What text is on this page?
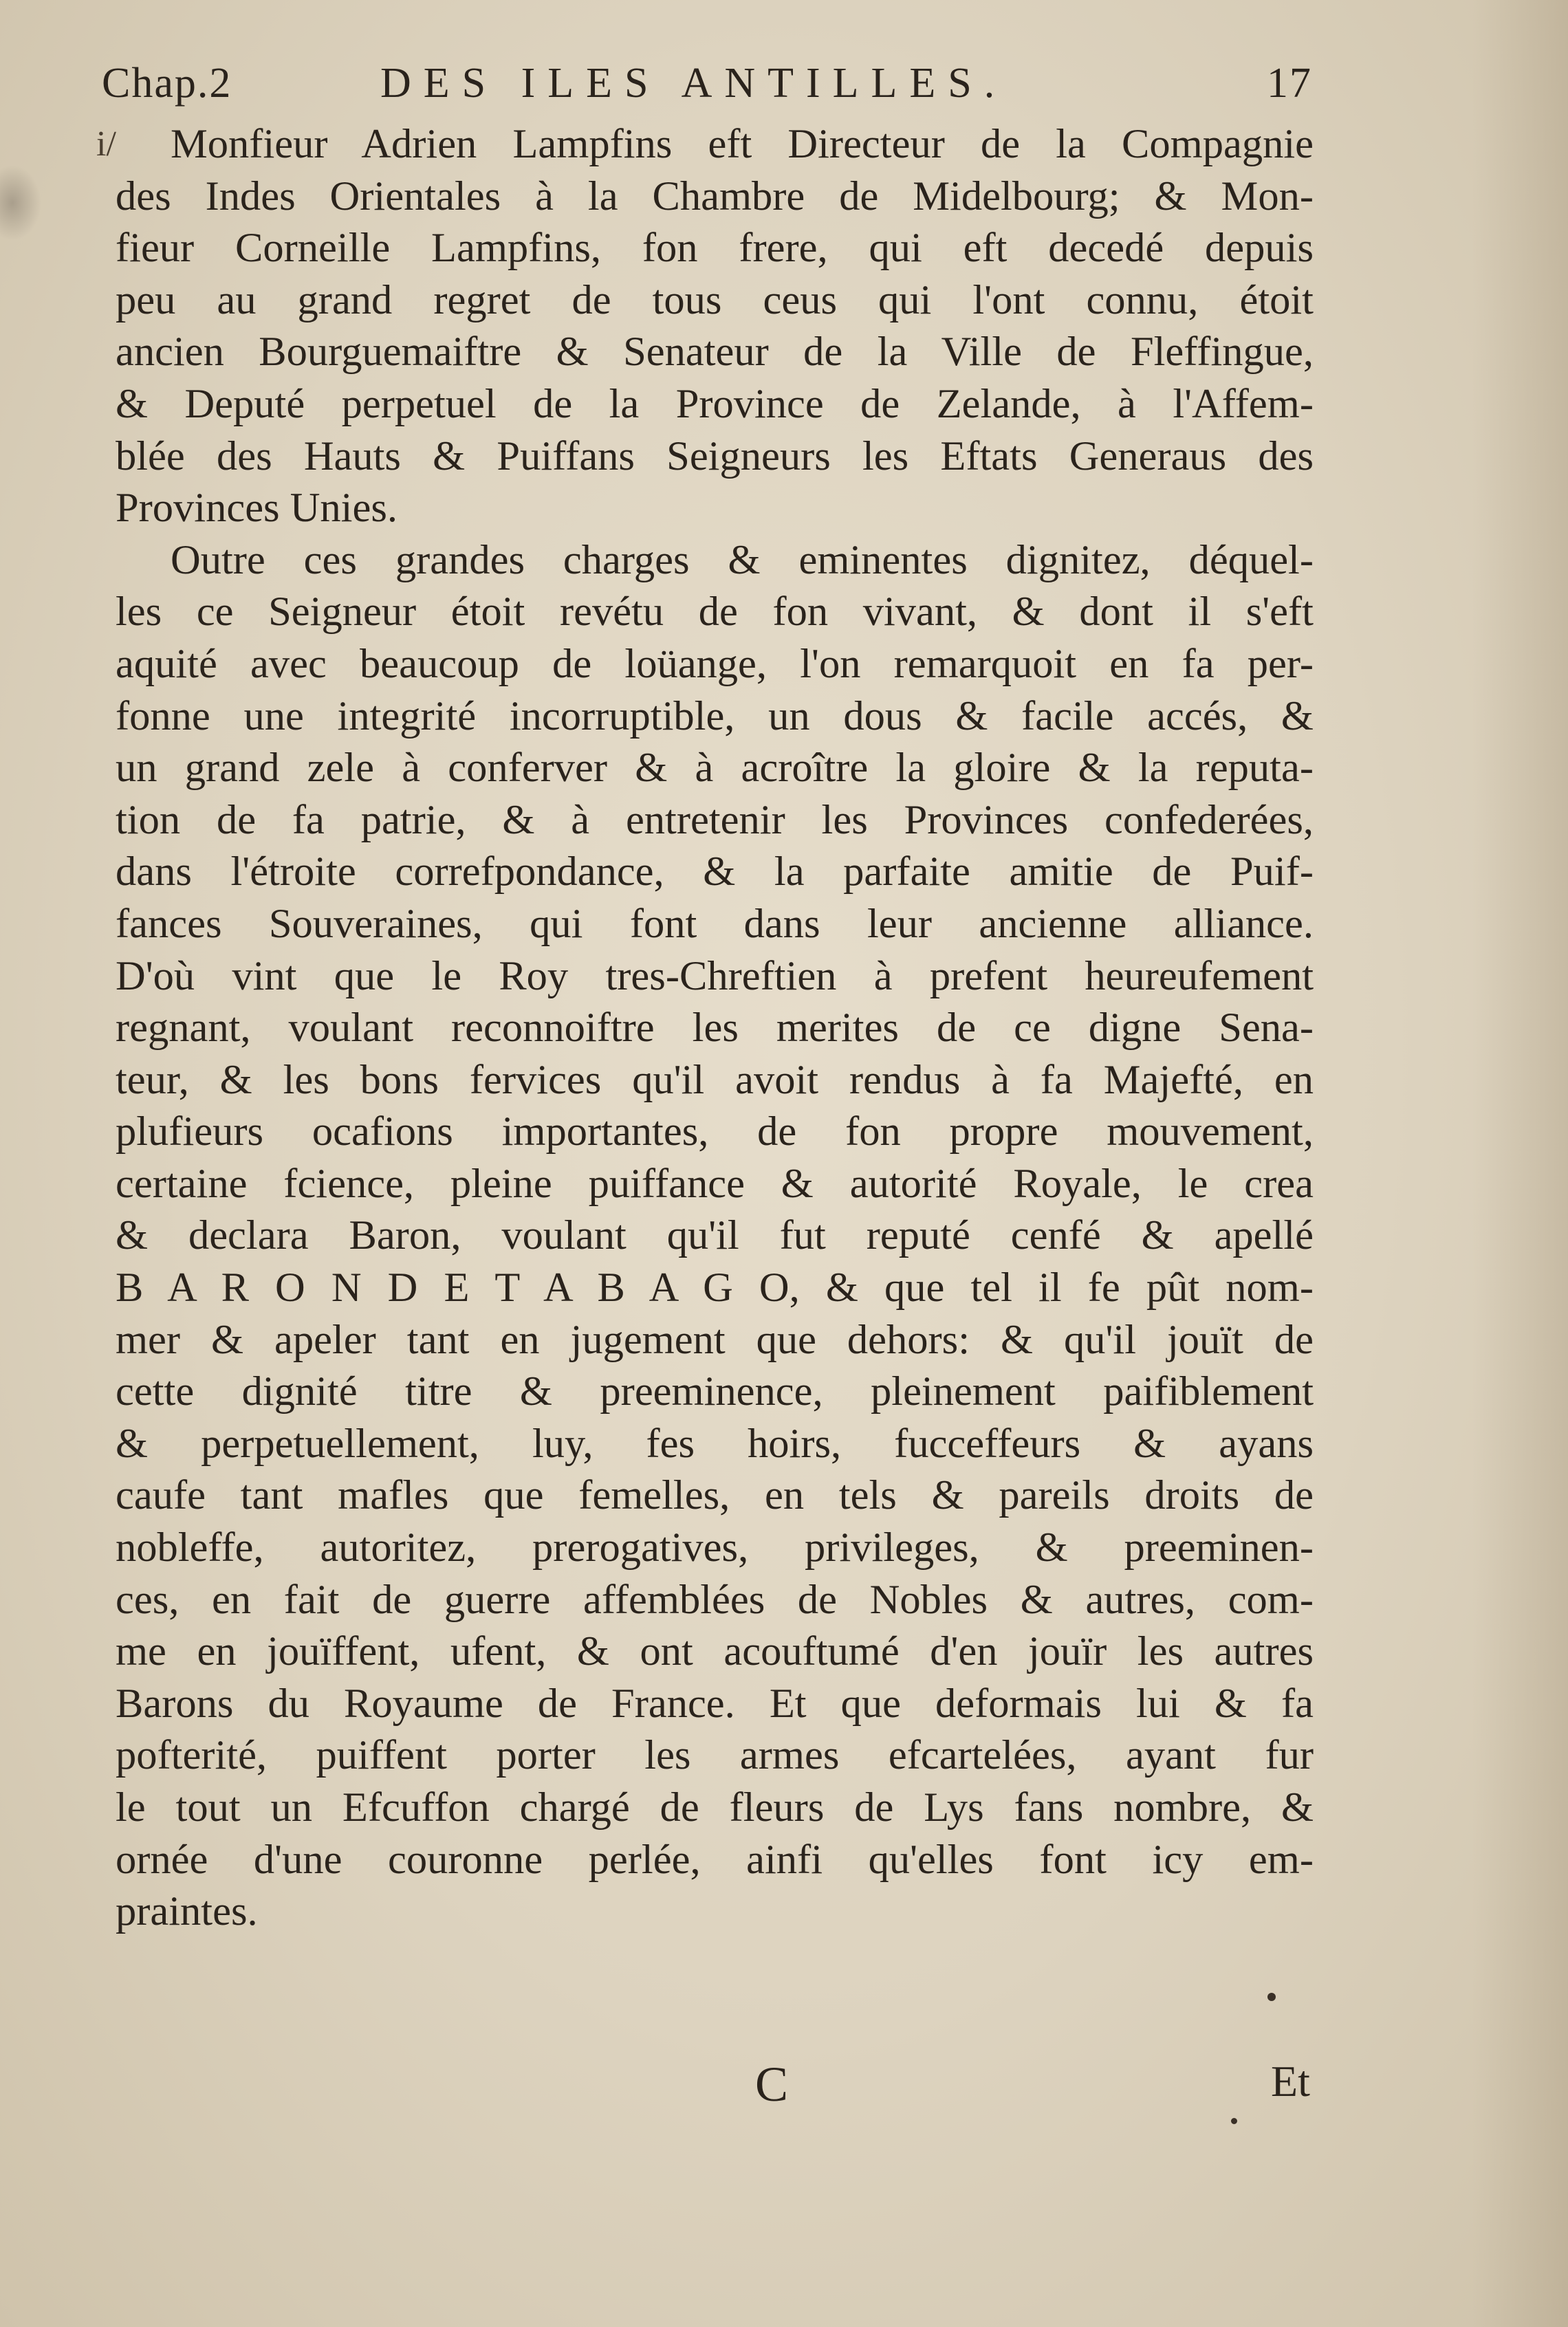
Chap.2	DES ILES ANTILLES.	17
i/	Monfieur Adrien Lampfins eft Directeur de la Compagnie
des Indes Orientales à la Chambre de Midelbourg; & Mon-
fieur Corneille Lampfins, fon frere, qui eft decedé depuis
peu au grand regret de tous ceus qui l'ont connu, étoit
ancien Bourguemaiftre & Senateur de la Ville de Fleffingue,
& Deputé perpetuel de la Province de Zelande, à l'Affem-
blée des Hauts & Puiffans Seigneurs les Eftats Generaus des
Provinces Unies.
Outre ces grandes charges & eminentes dignitez, déquel-
les ce Seigneur étoit revétu de fon vivant, & dont il s'eft
aquité avec beaucoup de loüange, l'on remarquoit en fa per-
fonne une integrité incorruptible, un dous & facile accés, &
un grand zele à conferver & à acroître la gloire & la reputa-
tion de fa patrie, & à entretenir les Provinces confederées,
dans l'étroite correfpondance, & la parfaite amitie de Puif-
fances Souveraines, qui font dans leur ancienne alliance.
D'où vint que le Roy tres-Chreftien à prefent heureufement
regnant, voulant reconnoiftre les merites de ce digne Sena-
teur, & les bons fervices qu'il avoit rendus à fa Majefté, en
plufieurs ocafions importantes, de fon propre mouvement,
certaine fcience, pleine puiffance & autorité Royale, le crea
& declara Baron, voulant qu'il fut reputé cenfé & apellé
B A R O N D E T A B A G O, & que tel il fe pût nom-
mer & apeler tant en jugement que dehors: & qu'il jouït de
cette dignité titre & preeminence, pleinement paifiblement
& perpetuellement, luy, fes hoirs, fucceffeurs & ayans
caufe tant mafles que femelles, en tels & pareils droits de
nobleffe, autoritez, prerogatives, privileges, & preeminen-
ces, en fait de guerre affemblées de Nobles & autres, com-
me en jouïffent, ufent, & ont acouftumé d'en jouïr les autres
Barons du Royaume de France. Et que deformais lui & fa
pofterité, puiffent porter les armes efcartelées, ayant fur
le tout un Efcuffon chargé de fleurs de Lys fans nombre, &
ornée d'une couronne perlée, ainfi qu'elles font icy em-
praintes.
C	Et
